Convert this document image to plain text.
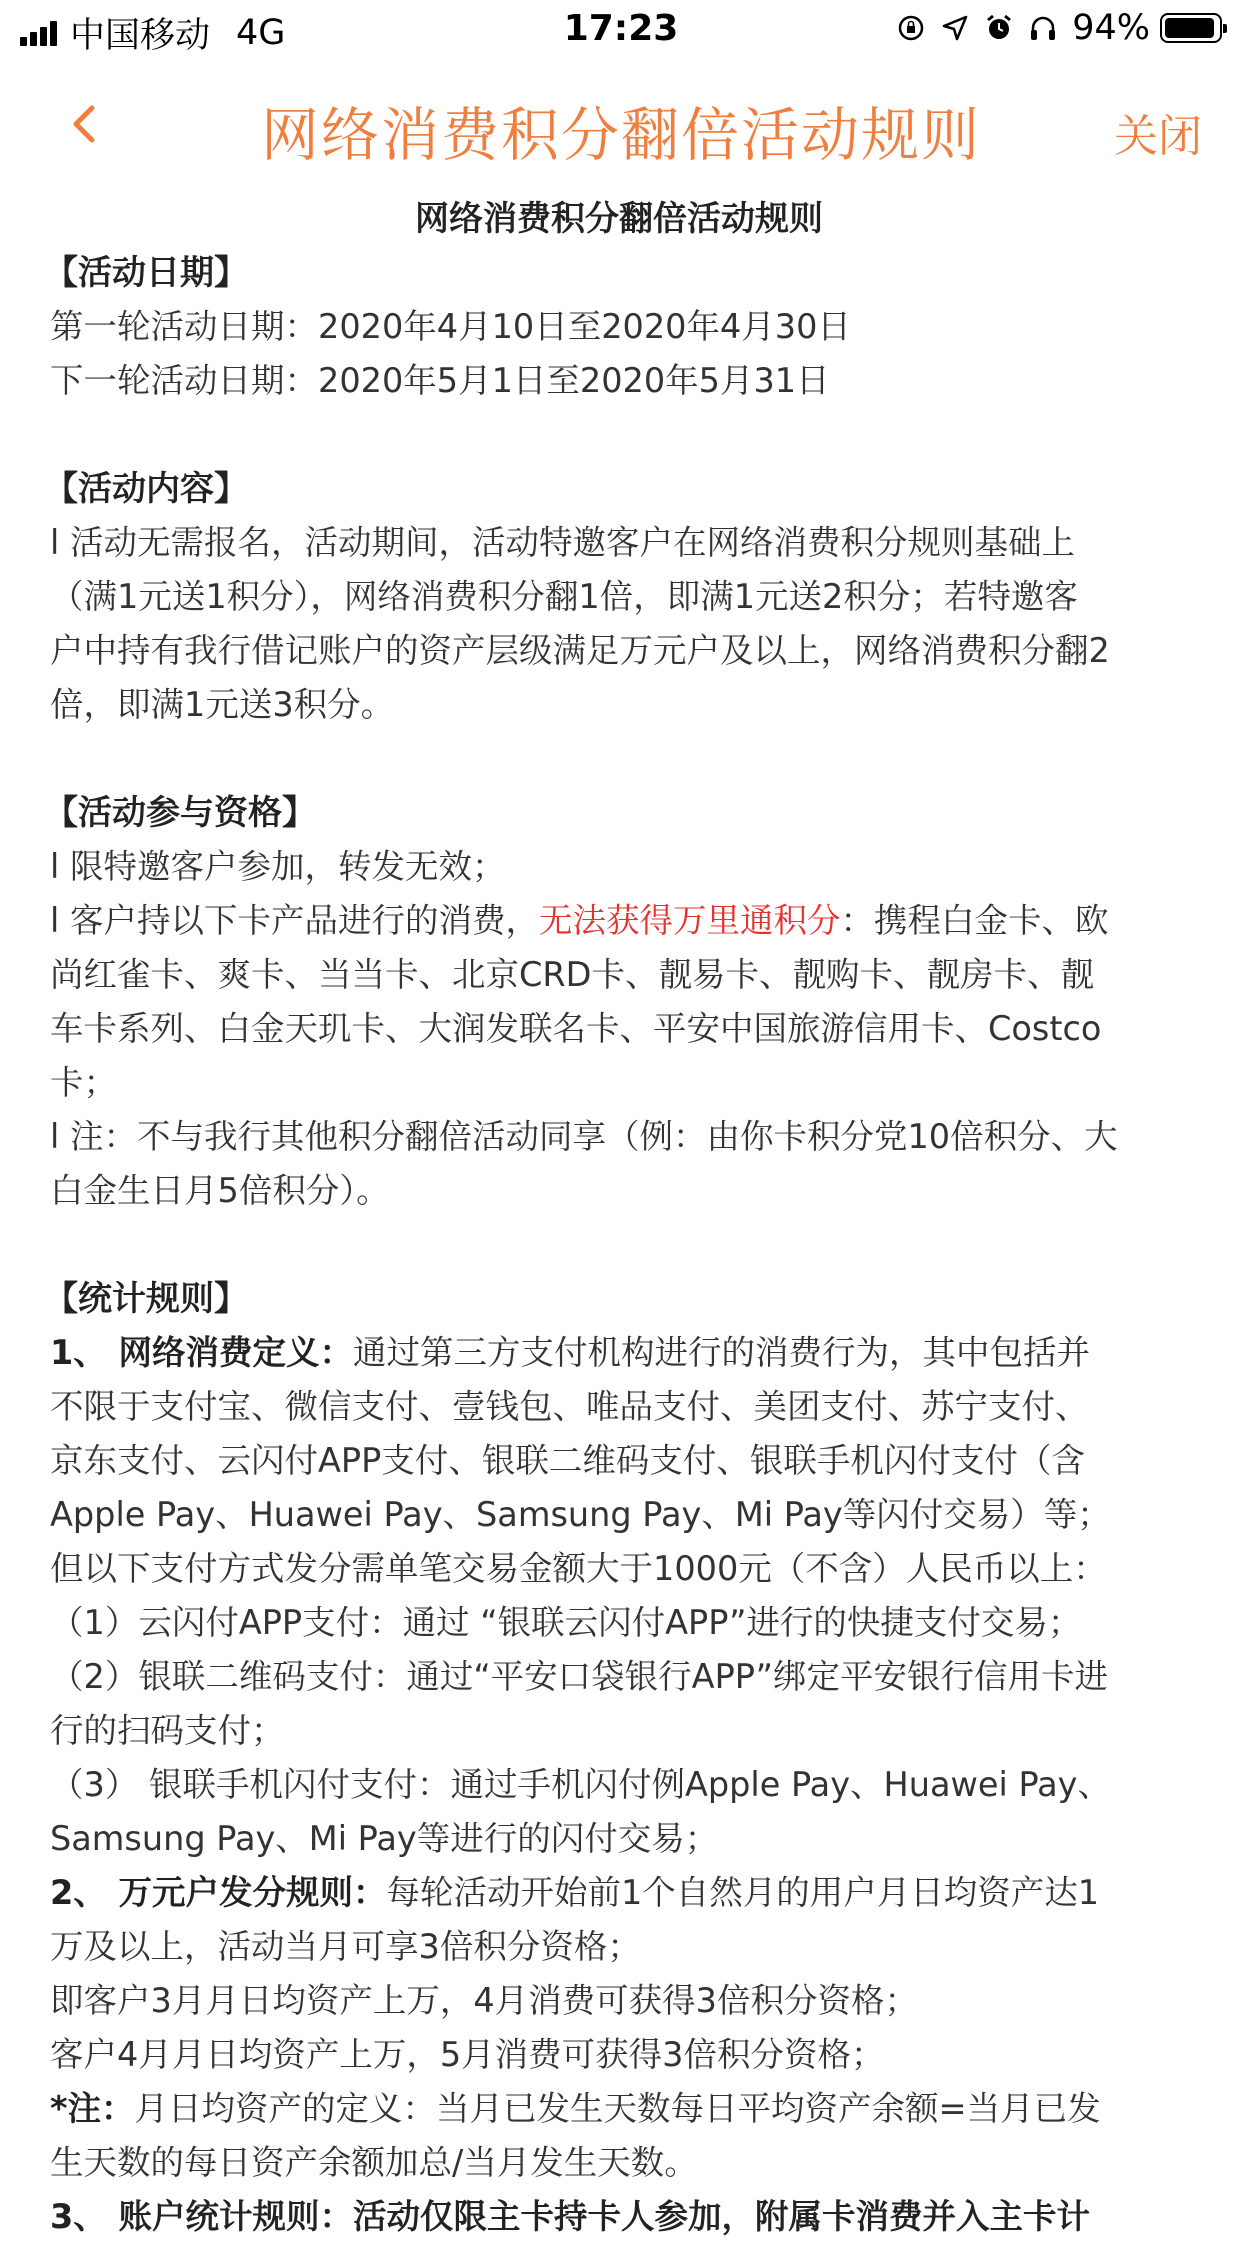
中国移动 4G	17:23	94%
网络消费积分翻倍活动规则	关闭
网络消费积分翻倍活动规则
【活动日期】

第一轮活动日期：2020年4月10日至2020年4月30日

下一轮活动日期：2020年5月1日至2020年5月31日

【活动内容】

l 活动无需报名，活动期间，活动特邀客户在网络消费积分规则基础上

（满1元送1积分），网络消费积分翻1倍，即满1元送2积分；若特邀客

户中持有我行借记账户的资产层级满足万元户及以上，网络消费积分翻2

倍，即满1元送3积分。

【活动参与资格】

l 限特邀客户参加，转发无效；

l 客户持以下卡产品进行的消费，无法获得万里通积分：携程白金卡、欧

尚红雀卡、爽卡、当当卡、北京CRD卡、靓易卡、靓购卡、靓房卡、靓

车卡系列、白金天玑卡、大润发联名卡、平安中国旅游信用卡、Costco

卡；

l 注：不与我行其他积分翻倍活动同享（例：由你卡积分党10倍积分、大

白金生日月5倍积分）。

【统计规则】

1、 网络消费定义：通过第三方支付机构进行的消费行为，其中包括并

不限于支付宝、微信支付、壹钱包、唯品支付、美团支付、苏宁支付、

京东支付、云闪付APP支付、银联二维码支付、银联手机闪付支付（含

Apple Pay、Huawei Pay、Samsung Pay、Mi Pay等闪付交易）等；

但以下支付方式发分需单笔交易金额大于1000元（不含）人民币以上：

（1）云闪付APP支付：通过 “银联云闪付APP”进行的快捷支付交易；

（2）银联二维码支付：通过“平安口袋银行APP”绑定平安银行信用卡进

行的扫码支付；

（3） 银联手机闪付支付：通过手机闪付例Apple Pay、Huawei Pay、

Samsung Pay、Mi Pay等进行的闪付交易；

2、 万元户发分规则：每轮活动开始前1个自然月的用户月日均资产达1

万及以上，活动当月可享3倍积分资格；

即客户3月月日均资产上万，4月消费可获得3倍积分资格；

客户4月月日均资产上万，5月消费可获得3倍积分资格；

*注：月日均资产的定义：当月已发生天数每日平均资产余额=当月已发

生天数的每日资产余额加总/当月发生天数。

3、 账户统计规则：活动仅限主卡持卡人参加，附属卡消费并入主卡计
